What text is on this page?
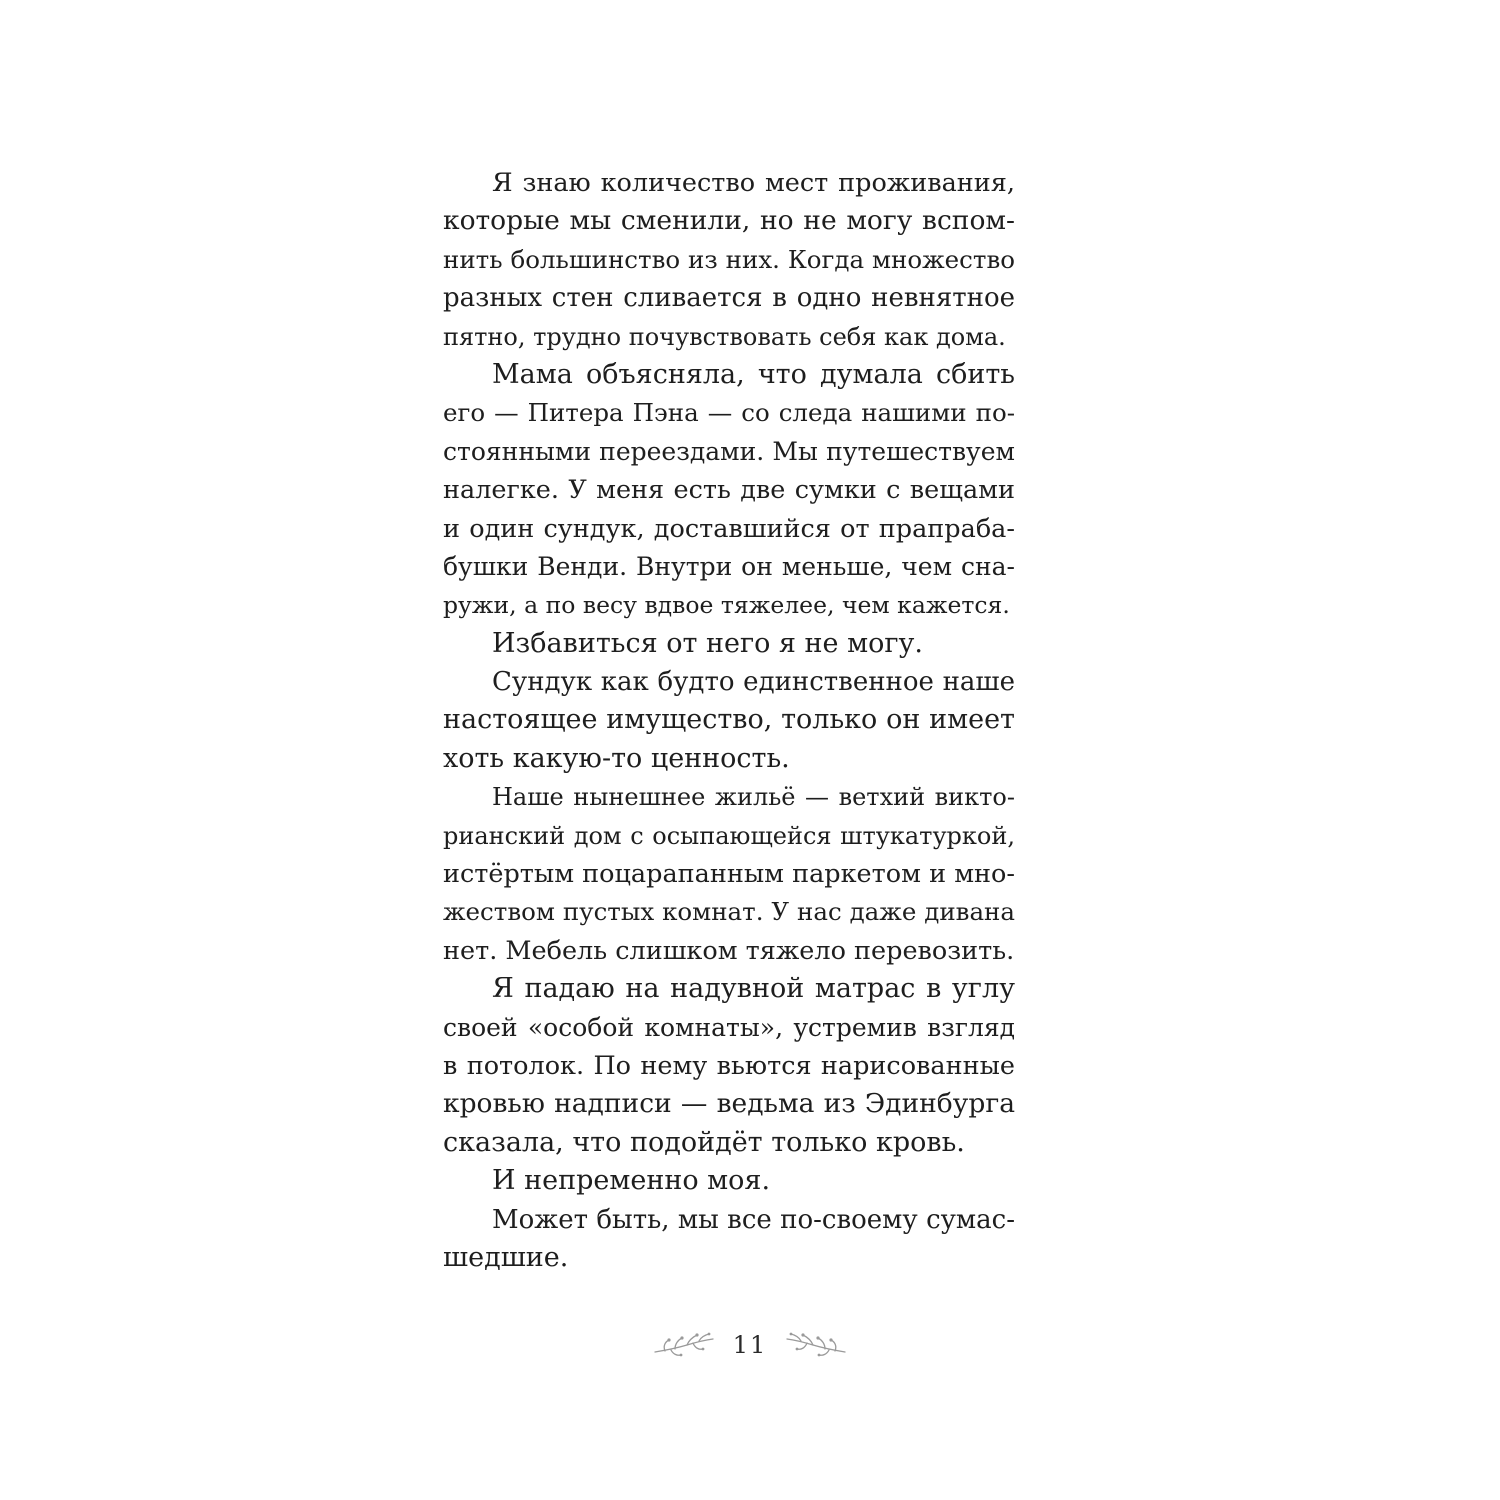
Я знаю количество мест проживания,
которые мы сменили, но не могу вспом-
нить большинство из них. Когда множество
разных стен сливается в одно невнятное
пятно, трудно почувствовать себя как дома.
Мама объясняла, что думала сбить
его — Питера Пэна — со следа нашими по-
стоянными переездами. Мы путешествуем
налегке. У меня есть две сумки с вещами
и один сундук, доставшийся от прапраба-
бушки Венди. Внутри он меньше, чем сна-
ружи, а по весу вдвое тяжелее, чем кажется.
Избавиться от него я не могу.
Сундук как будто единственное наше
настоящее имущество, только он имеет
хоть какую-то ценность.
Наше нынешнее жильё — ветхий викто-
рианский дом с осыпающейся штукатуркой,
истёртым поцарапанным паркетом и мно-
жеством пустых комнат. У нас даже дивана
нет. Мебель слишком тяжело перевозить.
Я падаю на надувной матрас в углу
своей «особой комнаты», устремив взгляд
в потолок. По нему вьются нарисованные
кровью надписи — ведьма из Эдинбурга
сказала, что подойдёт только кровь.
И непременно моя.
Может быть, мы все по-своему сумас-
шедшие.
11
